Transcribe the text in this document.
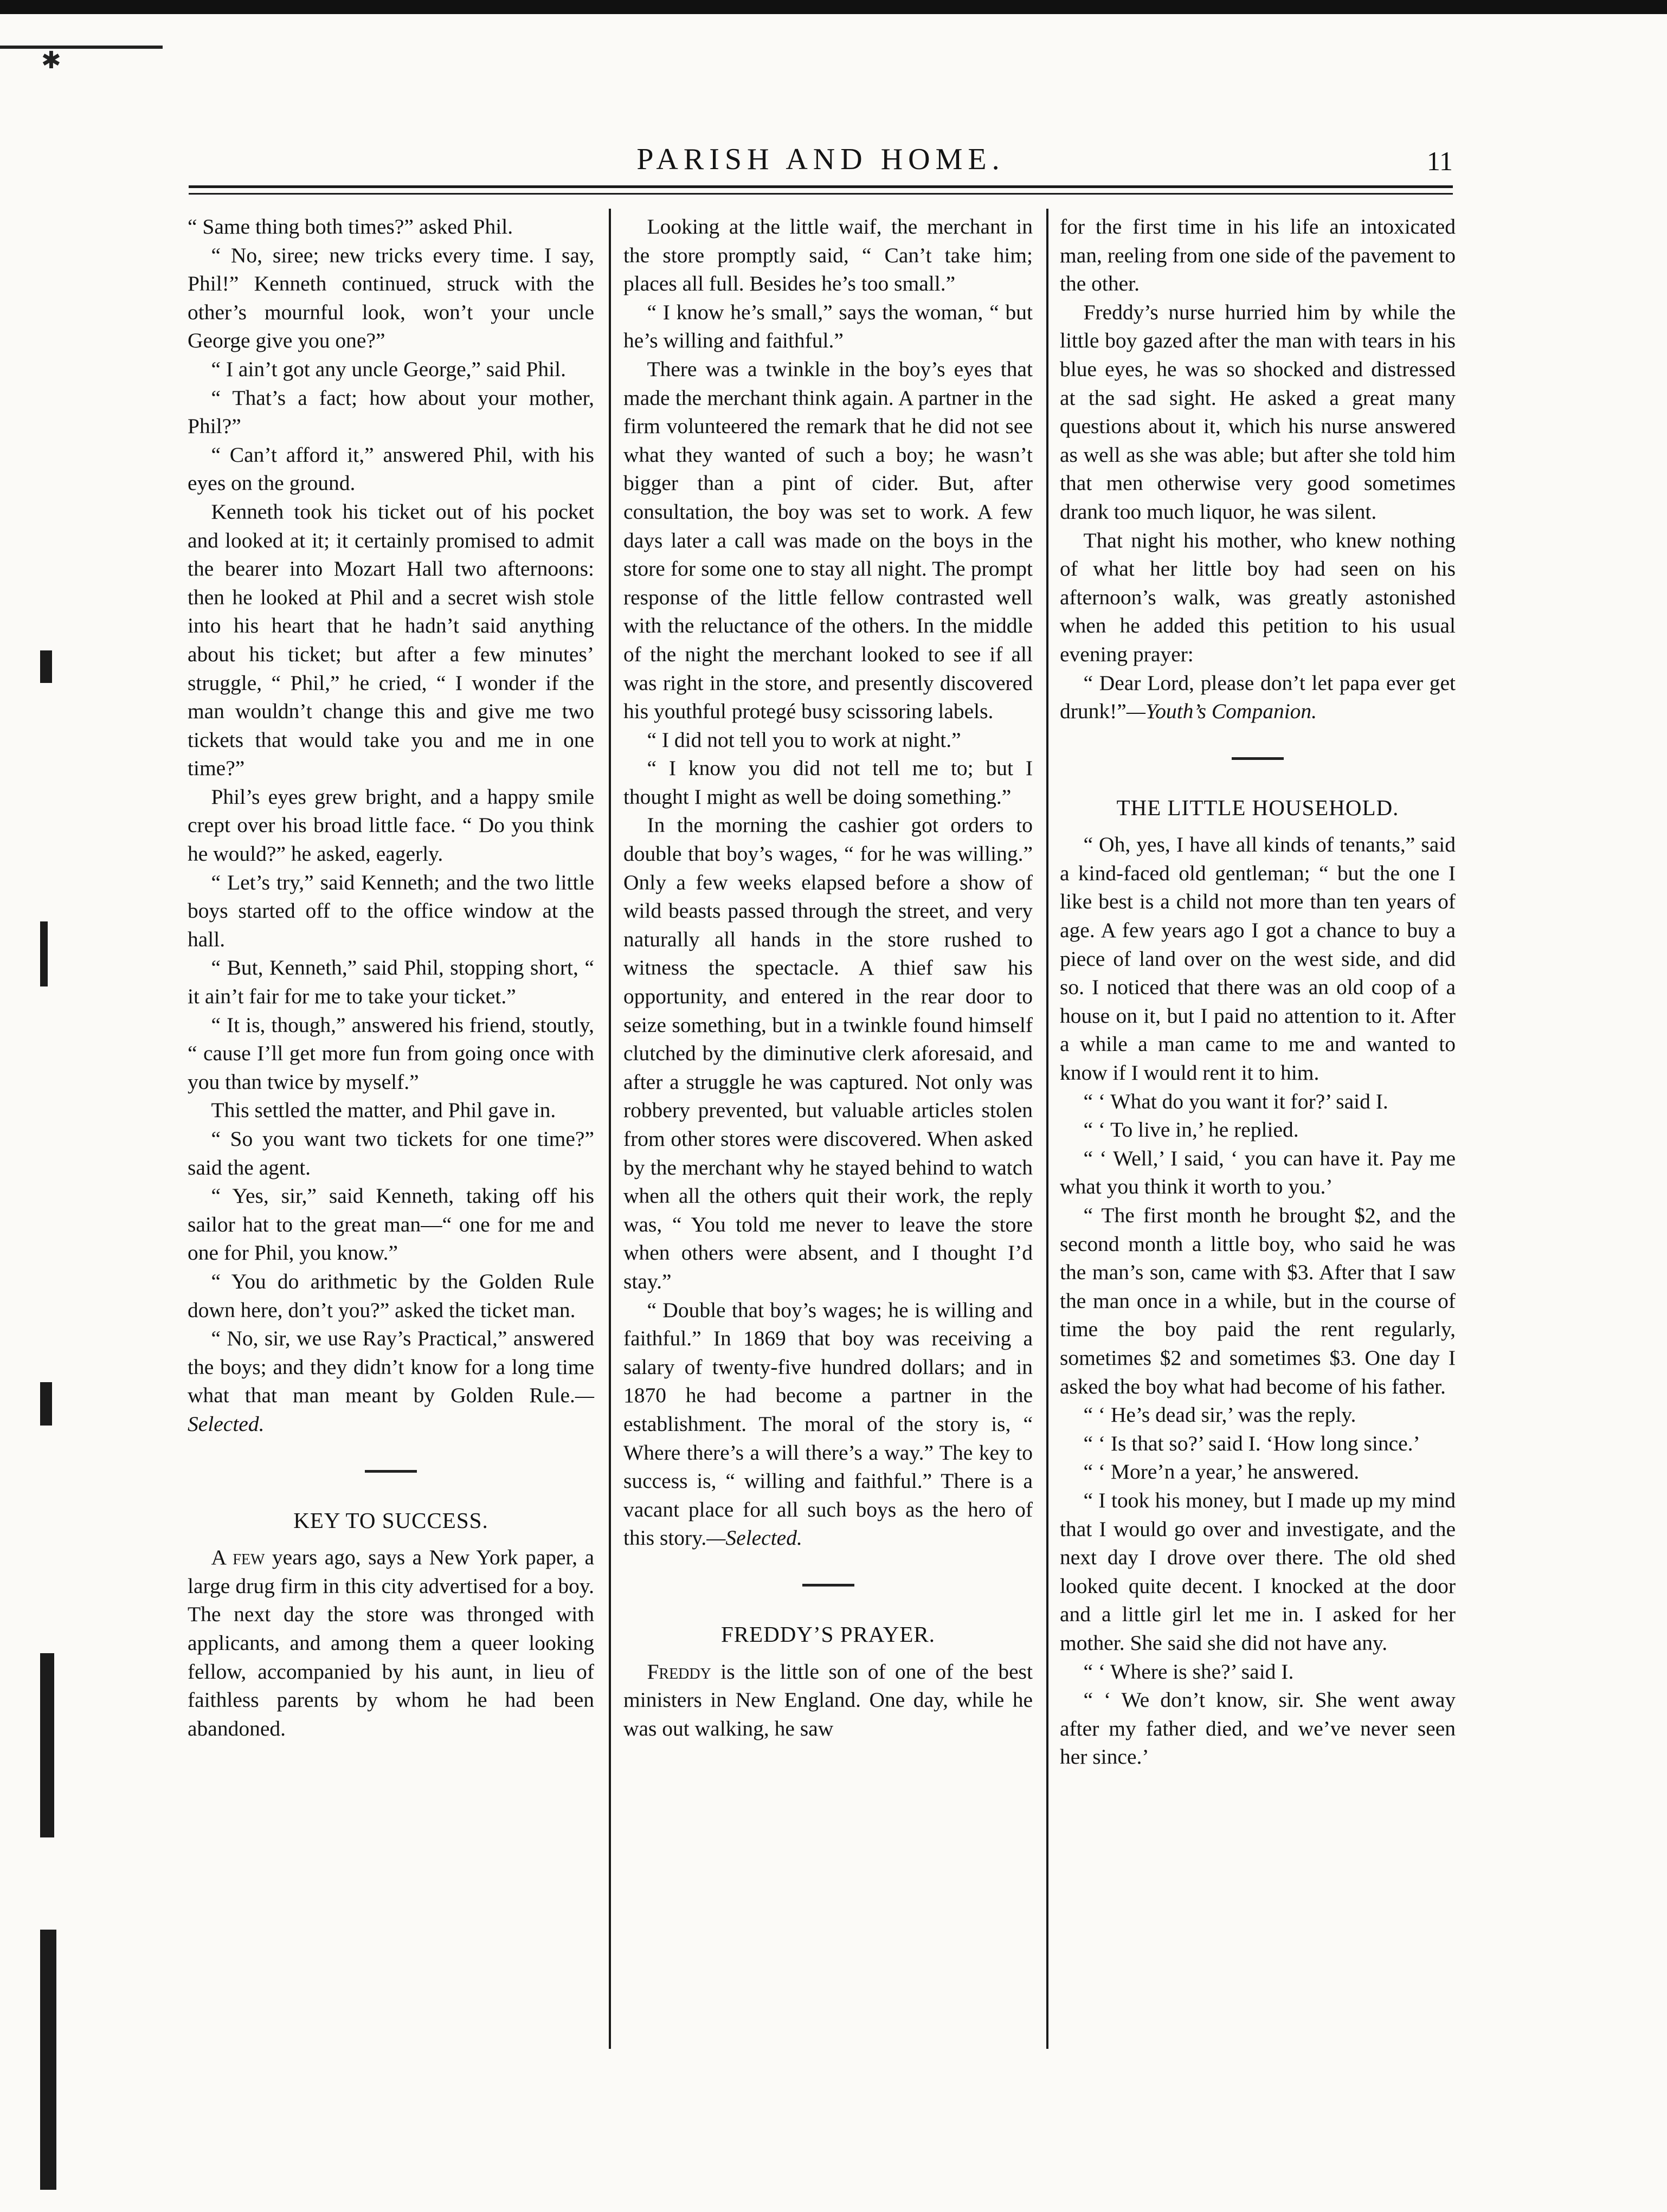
✱
PARISH AND HOME.	11

“ Same thing both times?” asked Phil.

“ No, siree; new tricks every time. I say, Phil!” Kenneth continued, struck with the other’s mournful look, won’t your uncle George give you one?”

“ I ain’t got any uncle George,” said Phil.

“ That’s a fact; how about your mother, Phil?”

“ Can’t afford it,” answered Phil, with his eyes on the ground.

Kenneth took his ticket out of his pocket and looked at it; it certainly promised to admit the bearer into Mozart Hall two afternoons: then he looked at Phil and a secret wish stole into his heart that he hadn’t said anything about his ticket; but after a few minutes’ struggle, “ Phil,” he cried, “ I wonder if the man wouldn’t change this and give me two tickets that would take you and me in one time?”

Phil’s eyes grew bright, and a happy smile crept over his broad little face. “ Do you think he would?” he asked, eagerly.

“ Let’s try,” said Kenneth; and the two little boys started off to the office window at the hall.

“ But, Kenneth,” said Phil, stopping short, “ it ain’t fair for me to take your ticket.”

“ It is, though,” answered his friend, stoutly, “ cause I’ll get more fun from going once with you than twice by myself.”

This settled the matter, and Phil gave in.

“ So you want two tickets for one time?” said the agent.

“ Yes, sir,” said Kenneth, taking off his sailor hat to the great man—“ one for me and one for Phil, you know.”

“ You do arithmetic by the Golden Rule down here, don’t you?” asked the ticket man.

“ No, sir, we use Ray’s Practical,” answered the boys; and they didn’t know for a long time what that man meant by Golden Rule.—Selected.

KEY TO SUCCESS.

A few years ago, says a New York paper, a large drug firm in this city advertised for a boy. The next day the store was thronged with applicants, and among them a queer looking fellow, accompanied by his aunt, in lieu of faithless parents by whom he had been abandoned.

Looking at the little waif, the merchant in the store promptly said, “ Can’t take him; places all full. Besides he’s too small.”

“ I know he’s small,” says the woman, “ but he’s willing and faithful.”

There was a twinkle in the boy’s eyes that made the merchant think again. A partner in the firm volunteered the remark that he did not see what they wanted of such a boy; he wasn’t bigger than a pint of cider. But, after consultation, the boy was set to work. A few days later a call was made on the boys in the store for some one to stay all night. The prompt response of the little fellow contrasted well with the reluctance of the others. In the middle of the night the merchant looked to see if all was right in the store, and presently discovered his youthful protegé busy scissoring labels.

“ I did not tell you to work at night.”

“ I know you did not tell me to; but I thought I might as well be doing something.”

In the morning the cashier got orders to double that boy’s wages, “ for he was willing.” Only a few weeks elapsed before a show of wild beasts passed through the street, and very naturally all hands in the store rushed to witness the spectacle. A thief saw his opportunity, and entered in the rear door to seize something, but in a twinkle found himself clutched by the diminutive clerk aforesaid, and after a struggle he was captured. Not only was robbery prevented, but valuable articles stolen from other stores were discovered. When asked by the merchant why he stayed behind to watch when all the others quit their work, the reply was, “ You told me never to leave the store when others were absent, and I thought I’d stay.”

“ Double that boy’s wages; he is willing and faithful.” In 1869 that boy was receiving a salary of twenty-five hundred dollars; and in 1870 he had become a partner in the establishment. The moral of the story is, “ Where there’s a will there’s a way.” The key to success is, “ willing and faithful.” There is a vacant place for all such boys as the hero of this story.—Selected.

FREDDY’S PRAYER.

Freddy is the little son of one of the best ministers in New England. One day, while he was out walking, he saw

for the first time in his life an intoxicated man, reeling from one side of the pavement to the other.

Freddy’s nurse hurried him by while the little boy gazed after the man with tears in his blue eyes, he was so shocked and distressed at the sad sight. He asked a great many questions about it, which his nurse answered as well as she was able; but after she told him that men otherwise very good sometimes drank too much liquor, he was silent.

That night his mother, who knew nothing of what her little boy had seen on his afternoon’s walk, was greatly astonished when he added this petition to his usual evening prayer:

“ Dear Lord, please don’t let papa ever get drunk!”—Youth’s Companion.

THE LITTLE HOUSEHOLD.

“ Oh, yes, I have all kinds of tenants,” said a kind-faced old gentleman; “ but the one I like best is a child not more than ten years of age. A few years ago I got a chance to buy a piece of land over on the west side, and did so. I noticed that there was an old coop of a house on it, but I paid no attention to it. After a while a man came to me and wanted to know if I would rent it to him.

“ ‘ What do you want it for?’ said I.

“ ‘ To live in,’ he replied.

“ ‘ Well,’ I said, ‘ you can have it. Pay me what you think it worth to you.’

“ The first month he brought $2, and the second month a little boy, who said he was the man’s son, came with $3. After that I saw the man once in a while, but in the course of time the boy paid the rent regularly, sometimes $2 and sometimes $3. One day I asked the boy what had become of his father.

“ ‘ He’s dead sir,’ was the reply.

“ ‘ Is that so?’ said I. ‘How long since.’

“ ‘ More’n a year,’ he answered.

“ I took his money, but I made up my mind that I would go over and investigate, and the next day I drove over there. The old shed looked quite decent. I knocked at the door and a little girl let me in. I asked for her mother. She said she did not have any.

“ ‘ Where is she?’ said I.

“ ‘ We don’t know, sir. She went away after my father died, and we’ve never seen her since.’
